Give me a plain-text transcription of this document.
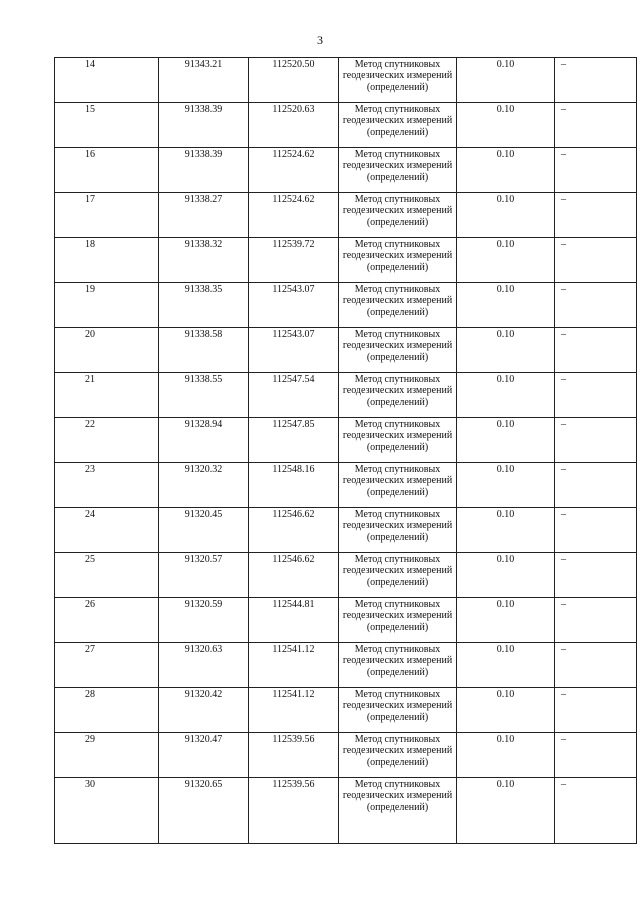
3
14	91343.21	112520.50	Метод спутниковых геодезических измерений (определений)	0.10	–
15	91338.39	112520.63	Метод спутниковых геодезических измерений (определений)	0.10	–
16	91338.39	112524.62	Метод спутниковых геодезических измерений (определений)	0.10	–
17	91338.27	112524.62	Метод спутниковых геодезических измерений (определений)	0.10	–
18	91338.32	112539.72	Метод спутниковых геодезических измерений (определений)	0.10	–
19	91338.35	112543.07	Метод спутниковых геодезических измерений (определений)	0.10	–
20	91338.58	112543.07	Метод спутниковых геодезических измерений (определений)	0.10	–
21	91338.55	112547.54	Метод спутниковых геодезических измерений (определений)	0.10	–
22	91328.94	112547.85	Метод спутниковых геодезических измерений (определений)	0.10	–
23	91320.32	112548.16	Метод спутниковых геодезических измерений (определений)	0.10	–
24	91320.45	112546.62	Метод спутниковых геодезических измерений (определений)	0.10	–
25	91320.57	112546.62	Метод спутниковых геодезических измерений (определений)	0.10	–
26	91320.59	112544.81	Метод спутниковых геодезических измерений (определений)	0.10	–
27	91320.63	112541.12	Метод спутниковых геодезических измерений (определений)	0.10	–
28	91320.42	112541.12	Метод спутниковых геодезических измерений (определений)	0.10	–
29	91320.47	112539.56	Метод спутниковых геодезических измерений (определений)	0.10	–
30	91320.65	112539.56	Метод спутниковых геодезических измерений (определений)	0.10	–
